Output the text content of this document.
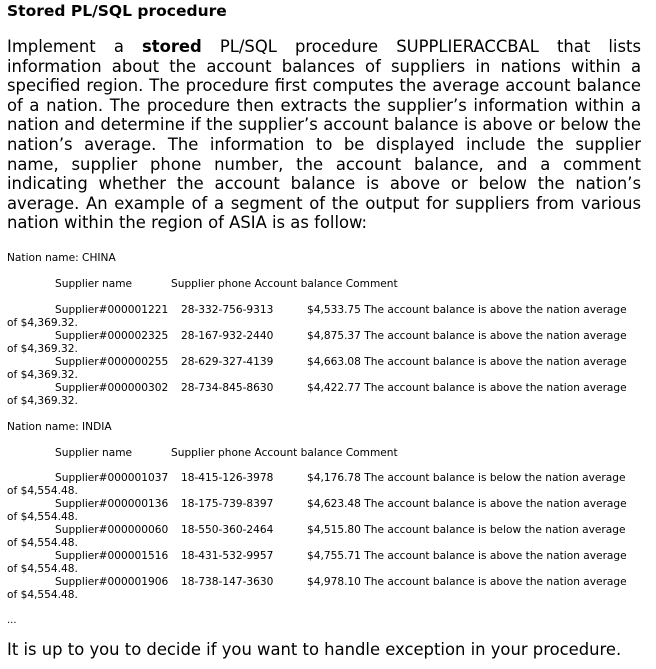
Stored PL/SQL procedure
Implement a stored PL/SQL procedure SUPPLIERACCBAL that lists information about the account balances of suppliers in nations within a specified region. The procedure first computes the average account balance of a nation. The procedure then extracts the supplier’s information within a nation and determine if the supplier’s account balance is above or below the nation’s average. The information to be displayed include the supplier name, supplier phone number, the account balance, and a comment indicating whether the account balance is above or below the nation’s average. An example of a segment of the output for suppliers from various nation within the region of ASIA is as follow:
Nation name: CHINA
Supplier name	Supplier phone Account balance Comment
Supplier#000001221 28-332-756-9313	$4,533.75 The account balance is above the nation average
of $4,369.32.
Supplier#000002325 28-167-932-2440	$4,875.37 The account balance is above the nation average
of $4,369.32.
Supplier#000000255 28-629-327-4139	$4,663.08 The account balance is above the nation average
of $4,369.32.
Supplier#000000302 28-734-845-8630	$4,422.77 The account balance is above the nation average
of $4,369.32.
Nation name: INDIA
Supplier name	Supplier phone Account balance Comment
Supplier#000001037 18-415-126-3978	$4,176.78 The account balance is below the nation average
of $4,554.48.
Supplier#000000136 18-175-739-8397	$4,623.48 The account balance is above the nation average
of $4,554.48.
Supplier#000000060 18-550-360-2464	$4,515.80 The account balance is below the nation average
of $4,554.48.
Supplier#000001516 18-431-532-9957	$4,755.71 The account balance is above the nation average
of $4,554.48.
Supplier#000001906 18-738-147-3630	$4,978.10 The account balance is above the nation average
of $4,554.48.
...
It is up to you to decide if you want to handle exception in your procedure.
